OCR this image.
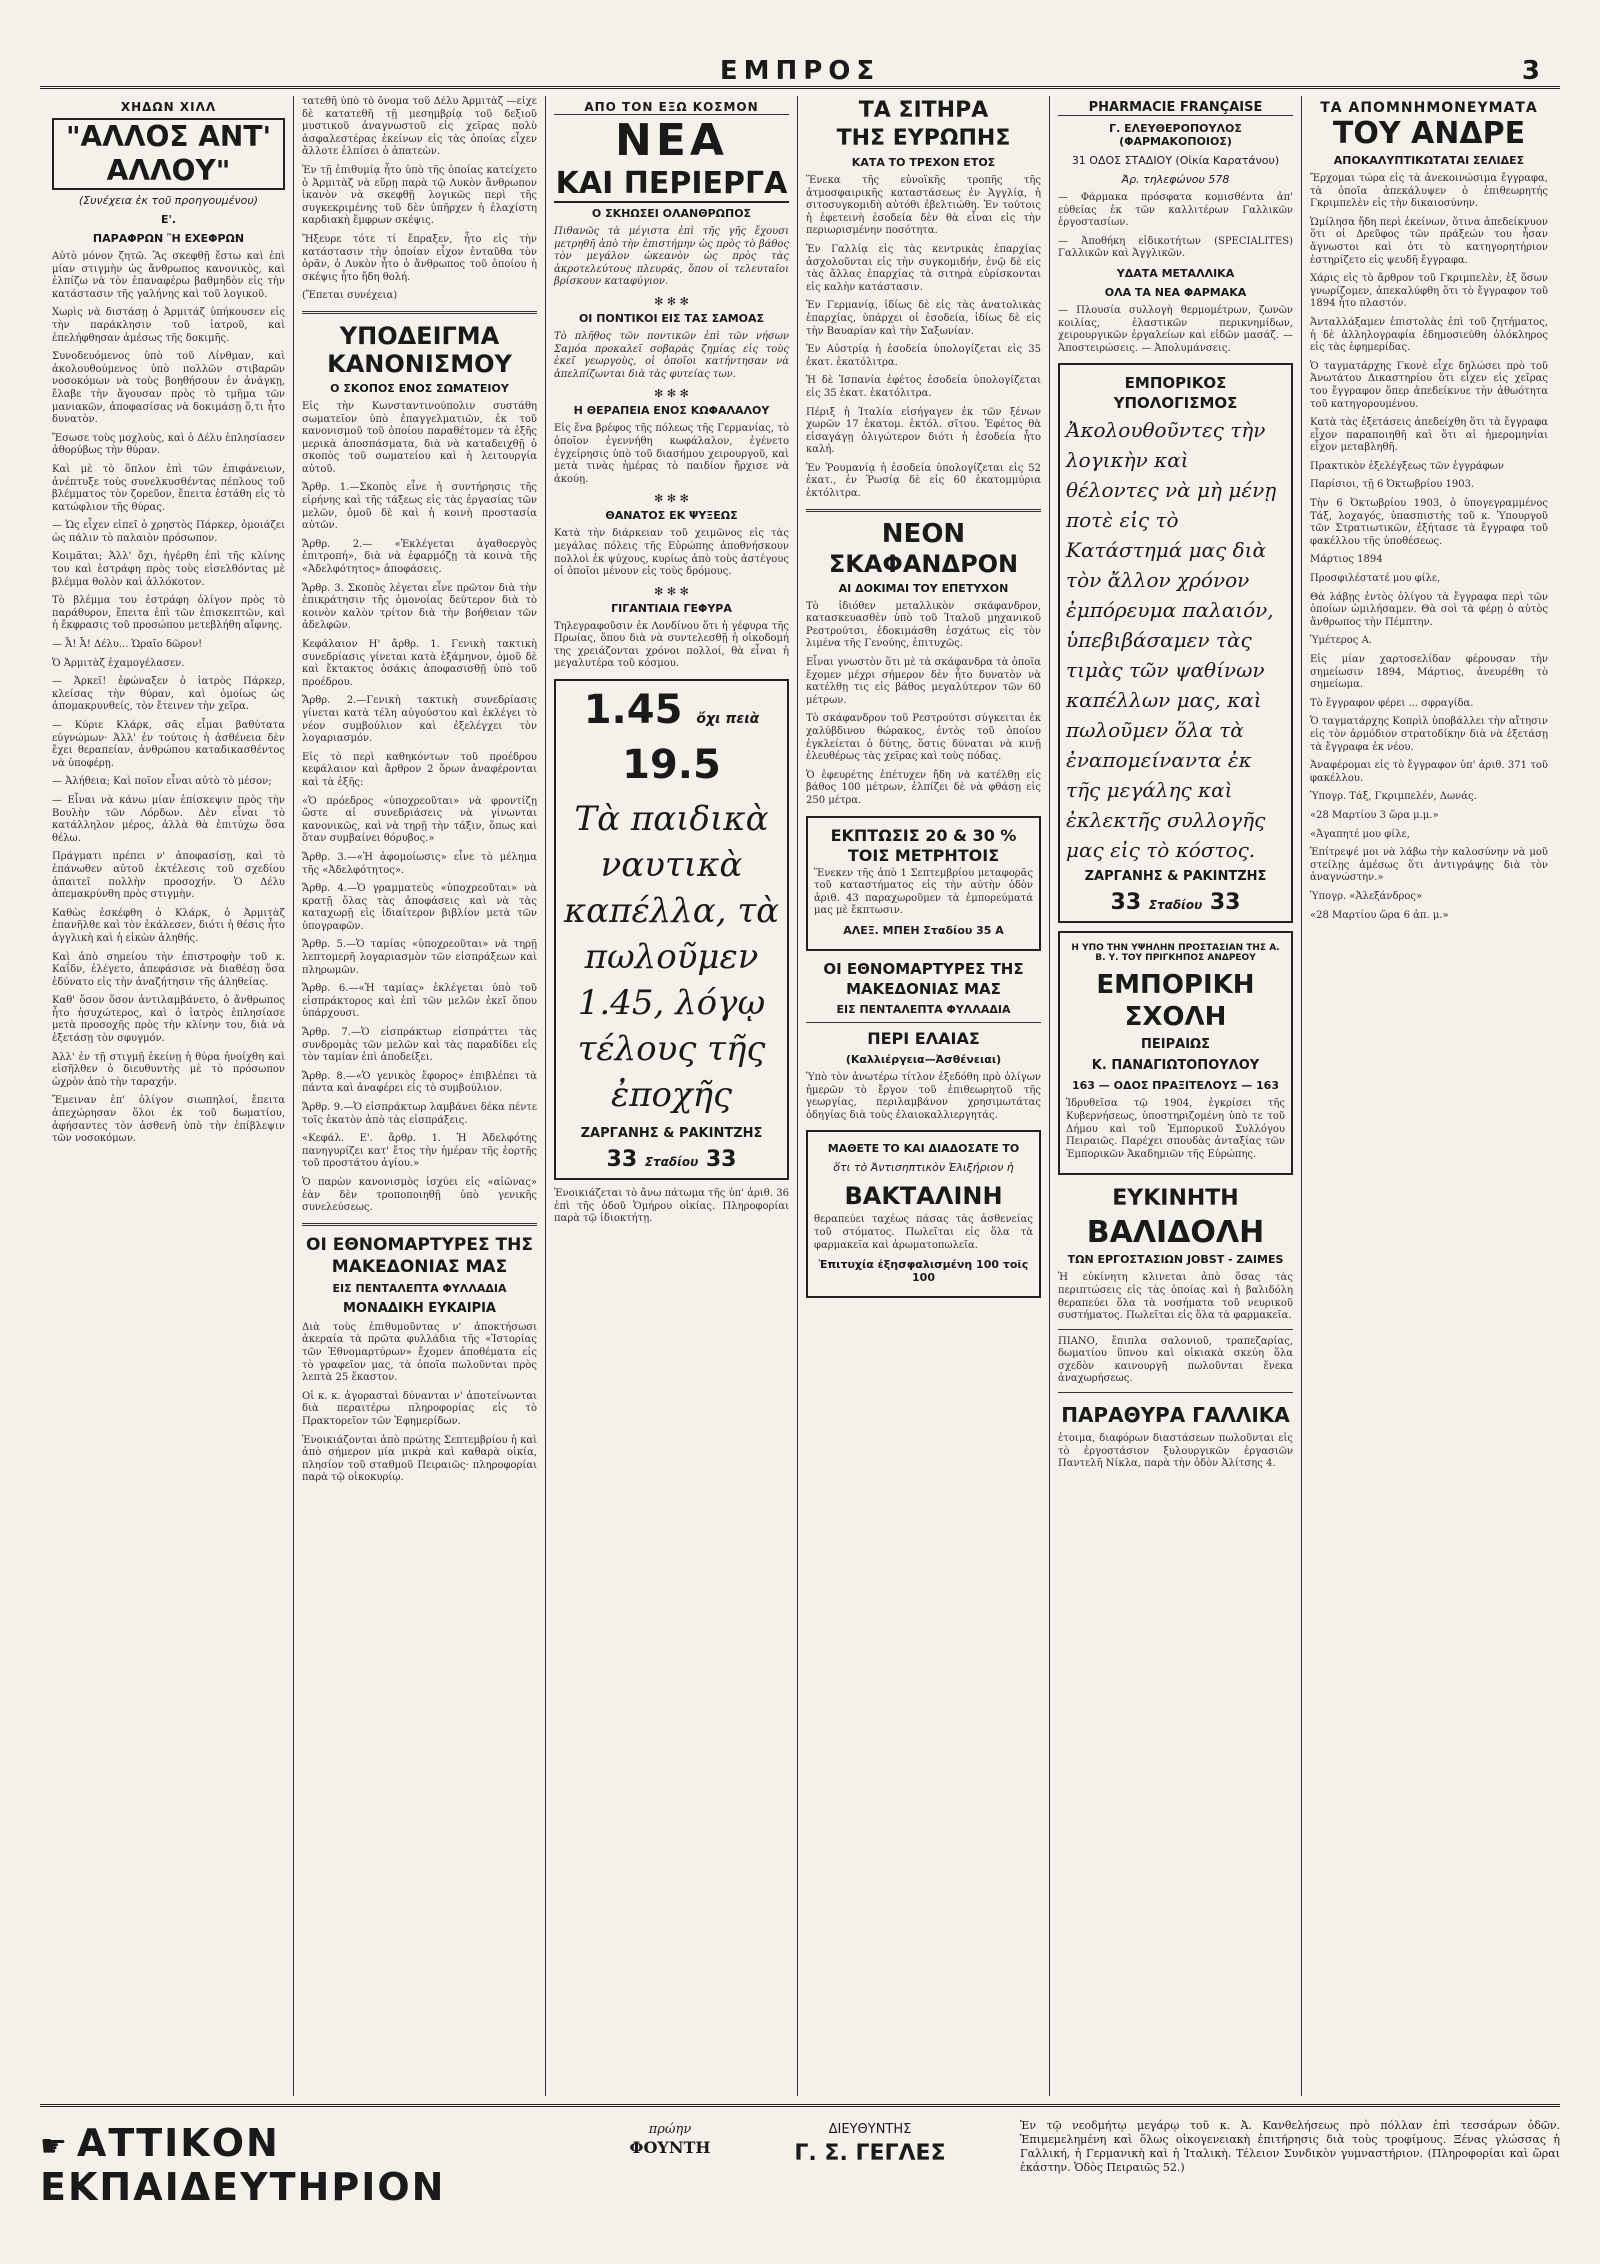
ΕΜΠΡΟΣ	3
ΧΗΔΩΝ ΧΙΛΛ
"ΑΛΛΟΣ ΑΝΤ' ΑΛΛΟΥ"
(Συνέχεια ἐκ τοῦ προηγουμένου)
Ε'.
ΠΑΡΑΦΡΩΝ Ἢ ΕΧΕΦΡΩΝ

Αὐτὸ μόνον ζητῶ. Ἂς σκεφθῇ ἔστω καὶ ἐπὶ μίαν στιγμὴν ὡς ἄνθρωπος κανονικὸς, καὶ ἐλπίζω νὰ τὸν ἐπαναφέρω βαθμηδὸν εἰς τὴν κατάστασιν τῆς γαλήνης καὶ τοῦ λογικοῦ.

Χωρὶς νὰ διστάσῃ ὁ Ἀρμιτάζ ὑπήκουσεν εἰς τὴν παράκλησιν τοῦ ἰατροῦ, καὶ ἐπελήφθησαν ἀμέσως τῆς δοκιμῆς.

Συνοδευόμενος ὑπὸ τοῦ Λίνθμαν, καὶ ἀκολουθούμενος ὑπὸ πολλῶν στιβαρῶν νοσοκόμων νὰ τοὺς βοηθήσουν ἐν ἀνάγκῃ, ἔλαβε τὴν ἄγουσαν πρὸς τὸ τμῆμα τῶν μανιακῶν, ἀποφασίσας νὰ δοκιμάσῃ ὅ,τι ἦτο δυνατὸν.

Ἔσωσε τοὺς μοχλοὺς, καὶ ὁ Δέλυ ἐπλησίασεν ἀθορύβως τὴν θύραν.

Καὶ μὲ τὸ ὅπλον ἐπὶ τῶν ἐπιφάνειων, ἀνέπτυξε τοὺς συνελκυσθέντας πέπλους τοῦ βλέμματος τὸν ζορεῦον, ἔπειτα ἐστάθη εἰς τὸ κατώφλιον τῆς θύρας.

— Ὡς εἶχεν εἰπεῖ ὁ χρηστὸς Πάρκερ, ὁμοιάζει ὡς πάλιν τὸ παλαιὸν πρόσωπον.

Κοιμᾶται; Ἀλλ' ὄχι, ἠγέρθη ἐπὶ τῆς κλίνης του καὶ ἐστράφη πρὸς τοὺς εἰσελθόντας μὲ βλέμμα θολὸν καὶ ἀλλόκοτον.

Τὸ βλέμμα του ἐστράφη ὀλίγον πρὸς τὸ παράθυρον, ἔπειτα ἐπὶ τῶν ἐπισκεπτῶν, καὶ ἡ ἔκφρασις τοῦ προσώπου μετεβλήθη αἴφνης.

— Ἆ! Ἆ! Δέλυ... Ὡραῖο δῶρον!

Ὁ Ἀρμιτὰζ ἐχαμογέλασεν.

— Ἀρκεῖ! ἐφώναξεν ὁ ἰατρὸς Πάρκερ, κλείσας τὴν θύραν, καὶ ὁμοίως ὡς ἀπομακρυνθείς, τὸν ἔτεινεν τὴν χεῖρα.

— Κύριε Κλάρκ, σᾶς εἶμαι βαθύτατα εὐγνώμων· Ἀλλ' ἐν τούτοις ἡ ἀσθένεια δὲν ἔχει θεραπείαν, ἀνθρώπου καταδικασθέντος νὰ ὑποφέρῃ.

— Ἀλήθεια; Καὶ ποῖον εἶναι αὐτὸ τὸ μέσον;

— Εἶναι νὰ κάνω μίαν ἐπίσκεψιν πρὸς τὴν Βουλὴν τῶν Λόρδων. Δὲν εἶναι τὸ κατάλληλον μέρος, ἀλλὰ θὰ ἐπιτύχω ὅσα θέλω.

Πράγματι πρέπει ν' ἀποφασίσῃ, καὶ τὸ ἐπάνωθεν αὐτοῦ ἐκτέλεσις τοῦ σχεδίου ἀπαιτεῖ πολλὴν προσοχήν. Ὁ Δέλυ ἀπεμακρύνθη πρὸς στιγμὴν.

Καθὼς ἐσκέφθη ὁ Κλάρκ, ὁ Ἀρμιτὰζ ἐπανῆλθε καὶ τὸν ἐκάλεσεν, διότι ἡ θέσις ἦτο ἀγγλικὴ καὶ ἡ εἰκὼν ἀληθής.

Καὶ ἀπὸ σημείου τὴν ἐπιστροφὴν τοῦ κ. Καΐδν, ἐλέγετο, ἀπεφάσισε νὰ διαθέσῃ ὅσα ἐδύνατο εἰς τὴν ἀναζήτησιν τῆς ἀληθείας.

Καθ' ὅσον ὅσον ἀντιλαμβάνετο, ὁ ἄνθρωπος ἦτο ἡσυχώτερος, καὶ ὁ ἰατρὸς ἐπλησίασε μετὰ προσοχῆς πρὸς τὴν κλίνην του, διὰ νὰ ἐξετάσῃ τὸν σφυγμόν.

Ἀλλ' ἐν τῇ στιγμῇ ἐκείνῃ ἡ θύρα ἠνοίχθη καὶ εἰσῆλθεν ὁ διευθυντὴς μὲ τὸ πρόσωπον ὠχρὸν ἀπὸ τὴν ταραχήν.

Ἔμειναν ἐπ' ὀλίγον σιωπηλοί, ἔπειτα ἀπεχώρησαν ὅλοι ἐκ τοῦ δωματίου, ἀφήσαντες τὸν ἀσθενῆ ὑπὸ τὴν ἐπίβλεψιν τῶν νοσοκόμων.

τατεθῆ ὑπὸ τὸ ὄνομα τοῦ Δέλυ Ἀρμιτὰζ —εἶχε δὲ κατατεθῆ τῇ μεσημβρίᾳ τοῦ δεξιοῦ μυστικοῦ ἀναγνωστοῦ εἰς χεῖρας πολὺ ἀσφαλεστέρας ἐκείνων εἰς τὰς ὁποίας εἶχεν ἄλλοτε ἐλπίσει ὁ ἀπατεὼν.

Ἐν τῇ ἐπιθυμίᾳ ἦτο ὑπὸ τῆς ὁποίας κατείχετο ὁ Ἀρμιτὰζ νὰ εὕρῃ παρὰ τῷ Λυκὸν ἄνθρωπον ἱκανὸν νὰ σκεφθῇ λογικῶς περὶ τῆς συγκεκριμένης τοῦ δὲν ὑπῆρχεν ἡ ἐλαχίστη καρδιακὴ ἔμφρων σκέψις.

Ἤξευρε τότε τί ἔπραξεν, ἦτο εἰς τὴν κατάστασιν τὴν ὁποίαν εἶχον ἐνταῦθα τὸν ὁρᾶν, ὁ Λυκὸν ἦτο ὁ ἄνθρωπος τοῦ ὁποίου ἡ σκέψις ἦτο ἤδη θολή.

(Ἔπεται συνέχεια)

ΥΠΟΔΕΙΓΜΑ ΚΑΝΟΝΙΣΜΟΥ
Ο ΣΚΟΠΟΣ ΕΝΟΣ ΣΩΜΑΤΕΙΟΥ

Εἰς τὴν Κωνσταντινούπολιν συστάθη σωματεῖον ὑπὸ ἐπαγγελματιῶν, ἐκ τοῦ κανονισμοῦ τοῦ ὁποίου παραθέτομεν τὰ ἑξῆς μερικὰ ἀποσπάσματα, διὰ νὰ καταδειχθῇ ὁ σκοπὸς τοῦ σωματείου καὶ ἡ λειτουργία αὐτοῦ.

Ἄρθρ. 1.—Σκοπὸς εἶνε ἡ συντήρησις τῆς εἰρήνης καὶ τῆς τάξεως εἰς τὰς ἐργασίας τῶν μελῶν, ὁμοῦ δὲ καὶ ἡ κοινὴ προστασία αὐτῶν.

Ἄρθρ. 2.— «Ἐκλέγεται ἀγαθοεργὸς ἐπιτροπή», διὰ νὰ ἐφαρμόζῃ τὰ κοινὰ τῆς «Ἀδελφότητος» ἀποφάσεις.

Ἄρθρ. 3. Σκοπὸς λέγεται εἶνε πρῶτον διὰ τὴν ἐπικράτησιν τῆς ὁμονοίας δεύτερον διὰ τὸ κοινὸν καλὸν τρίτον διὰ τὴν βοήθειαν τῶν ἀδελφῶν.

Κεφάλαιον Η' ἄρθρ. 1. Γενικὴ τακτικὴ συνεδρίασις γίνεται κατὰ ἑξάμηνον, ὁμοῦ δὲ καὶ ἔκτακτος ὁσάκις ἀποφασισθῇ ὑπὸ τοῦ προέδρου.

Ἄρθρ. 2.—Γενικὴ τακτικὴ συνεδρίασις γίνεται κατὰ τέλη αὐγούστου καὶ ἐκλέγει τὸ νέον συμβούλιον καὶ ἐξελέγχει τὸν λογαριασμόν.

Εἰς τὸ περὶ καθηκόντων τοῦ προέδρου κεφάλαιον καὶ ἄρθρον 2 ὅρων ἀναφέρονται καὶ τὰ ἑξῆς:

«Ὁ πρόεδρος «ὑποχρεοῦται» νὰ φροντίζῃ ὥστε αἱ συνεδριάσεις νὰ γίνωνται κανονικῶς, καὶ νὰ τηρῇ τὴν τάξιν, ὅπως καὶ ὅταν συμβαίνει θόρυβος.»

Ἄρθρ. 3.—«Ἡ ἀφομοίωσις» εἶνε τὸ μέλημα τῆς «Ἀδελφότητος».

Ἄρθρ. 4.—Ὁ γραμματεὺς «ὑποχρεοῦται» νὰ κρατῇ ὅλας τὰς ἀποφάσεις καὶ νὰ τὰς καταχωρῇ εἰς ἰδιαίτερον βιβλίον μετὰ τῶν ὑπογραφῶν.

Ἄρθρ. 5.—Ὁ ταμίας «ὑποχρεοῦται» νὰ τηρῇ λεπτομερῆ λογαριασμὸν τῶν εἰσπράξεων καὶ πληρωμῶν.

Ἄρθρ. 6.—«Ἡ ταμίας» ἐκλέγεται ὑπὸ τοῦ εἰσπράκτορος καὶ ἐπὶ τῶν μελῶν ἐκεῖ ὅπου ὑπάρχουσι.

Ἄρθρ. 7.—Ὁ εἰσπράκτωρ εἰσπράττει τὰς συνδρομὰς τῶν μελῶν καὶ τὰς παραδίδει εἰς τὸν ταμίαν ἐπὶ ἀποδείξει.

Ἄρθρ. 8.—«Ὁ γενικὸς ἔφορος» ἐπιβλέπει τὰ πάντα καὶ ἀναφέρει εἰς τὸ συμβούλιον.

Ἄρθρ. 9.—Ὁ εἰσπράκτωρ λαμβάνει δέκα πέντε τοῖς ἑκατὸν ἀπὸ τὰς εἰσπράξεις.

«Κεφάλ. Ε'. ἄρθρ. 1. Ἡ Ἀδελφότης πανηγυρίζει κατ' ἔτος τὴν ἡμέραν τῆς ἑορτῆς τοῦ προστάτου ἁγίου.»

Ὁ παρὼν κανονισμὸς ἰσχύει εἰς «αἰῶνας» ἐὰν δὲν τροποποιηθῇ ὑπὸ γενικῆς συνελεύσεως.

ΟΙ ΕΘΝΟΜΑΡΤΥΡΕΣ ΤΗΣ ΜΑΚΕΔΟΝΙΑΣ ΜΑΣ
ΕΙΣ ΠΕΝΤΑΛΕΠΤΑ ΦΥΛΛΑΔΙΑ
ΜΟΝΑΔΙΚΗ ΕΥΚΑΙΡΙΑ

Διὰ τοὺς ἐπιθυμοῦντας ν' ἀποκτήσωσι ἀκεραία τὰ πρῶτα φυλλάδια τῆς «Ἱστορίας τῶν Ἐθνομαρτύρων» ἔχομεν ἀποθέματα εἰς τὸ γραφεῖον μας, τὰ ὁποῖα πωλοῦνται πρὸς λεπτὰ 25 ἕκαστον.

Οἱ κ. κ. ἀγορασταὶ δύνανται ν' ἀποτείνωνται διὰ περαιτέρω πληροφορίας εἰς τὸ Πρακτορεῖον τῶν Ἐφημερίδων.

Ἐνοικιάζονται ἀπὸ πρώτης Σεπτεμβρίου ἡ καὶ ἀπὸ σήμερον μία μικρὰ καὶ καθαρὰ οἰκία, πλησίον τοῦ σταθμοῦ Πειραιῶς· πληροφορίαι παρὰ τῷ οἰκοκυρίῳ.

ΑΠΟ ΤΟΝ ΕΞΩ ΚΟΣΜΟΝ
ΝΕΑ
ΚΑΙ ΠΕΡΙΕΡΓΑ
Ο ΣΚΗΩΣΕΙ ΟΛΑΝΘΡΩΠΟΣ

Πιθανῶς τὰ μέγιστα ἐπὶ τῆς γῆς ἔχουσι μετρηθῆ ἀπὸ τὴν ἐπιστήμην ὡς πρὸς τὸ βάθος τὸν μεγάλον ὠκεανὸν ὡς πρὸς τὰς ἀκροτελεύτους πλευράς, ὅπου οἱ τελευταῖοι βρίσκουν καταφύγιον.

✻ ✻ ✻
ΟΙ ΠΟΝΤΙΚΟΙ ΕΙΣ ΤΑΣ ΣΑΜΟΑΣ

Τὸ πλῆθος τῶν ποντικῶν ἐπὶ τῶν νήσων Σαμόα προκαλεῖ σοβαρὰς ζημίας εἰς τοὺς ἐκεῖ γεωργοὺς, οἱ ὁποῖοι κατήντησαν νὰ ἀπελπίζωνται διὰ τὰς φυτείας των.

✻ ✻ ✻
Η ΘΕΡΑΠΕΙΑ ΕΝΟΣ ΚΩΦΑΛΑΛΟΥ

Εἰς ἕνα βρέφος τῆς πόλεως τῆς Γερμανίας, τὸ ὁποῖον ἐγεννήθη κωφάλαλον, ἐγένετο ἐγχείρησις ὑπὸ τοῦ διασήμου χειρουργοῦ, καὶ μετὰ τινὰς ἡμέρας τὸ παιδίον ἤρχισε νὰ ἀκούῃ.

✻ ✻ ✻
ΘΑΝΑΤΟΣ ΕΚ ΨΥΞΕΩΣ

Κατὰ τὴν διάρκειαν τοῦ χειμῶνος εἰς τὰς μεγάλας πόλεις τῆς Εὐρώπης ἀποθνήσκουν πολλοὶ ἐκ ψύχους, κυρίως ἀπὸ τοὺς ἀστέγους οἱ ὁποῖοι μένουν εἰς τοὺς δρόμους.

✻ ✻ ✻
ΓΙΓΑΝΤΙΑΙΑ ΓΕΦΥΡΑ

Τηλεγραφοῦσιν ἐκ Λονδίνου ὅτι ἡ γέφυρα τῆς Πρωίας, ὅπου διὰ νὰ συντελεσθῇ ἡ οἰκοδομή της χρειάζονται χρόνοι πολλοί, θὰ εἶναι ἡ μεγαλυτέρα τοῦ κόσμου.

1.45 ὄχι πειὰ 19.5
Τὰ παιδικὰ ναυτικὰ καπέλλα, τὰ πωλοῦμεν 1.45, λόγῳ τέλους τῆς ἐποχῆς
ΖΑΡΓΑΝΗΣ & ΡΑΚΙΝΤΖΗΣ
33 Σταδίου 33

Ἐνοικιάζεται τὸ ἄνω πάτωμα τῆς ὑπ' ἀριθ. 36 ἐπὶ τῆς ὁδοῦ Ὁμήρου οἰκίας. Πληροφορίαι παρὰ τῷ ἰδιοκτήτῃ.

ΤΑ ΣΙΤΗΡΑ
ΤΗΣ ΕΥΡΩΠΗΣ
ΚΑΤΑ ΤΟ ΤΡΕΧΟΝ ΕΤΟΣ

Ἕνεκα τῆς εὐνοϊκῆς τροπῆς τῆς ἀτμοσφαιρικῆς καταστάσεως ἐν Ἀγγλίᾳ, ἡ σιτοσυγκομιδὴ αὐτόθι ἐβελτιώθη. Ἐν τούτοις ἡ ἐφετεινὴ ἐσοδεία δὲν θὰ εἶναι εἰς τὴν περιωρισμένην ποσότητα.

Ἐν Γαλλίᾳ εἰς τὰς κεντρικὰς ἐπαρχίας ἀσχολοῦνται εἰς τὴν συγκομιδήν, ἐνῷ δὲ εἰς τὰς ἄλλας ἐπαρχίας τὰ σιτηρὰ εὑρίσκονται εἰς καλὴν κατάστασιν.

Ἐν Γερμανίᾳ, ἰδίως δὲ εἰς τὰς ἀνατολικὰς ἐπαρχίας, ὑπάρχει οἱ ἐσοδεία, ἰδίως δὲ εἰς τὴν Βαυαρίαν καὶ τὴν Σαξωνίαν.

Ἐν Αὐστρίᾳ ἡ ἐσοδεία ὑπολογίζεται εἰς 35 ἑκατ. ἑκατόλιτρα.

Ἡ δὲ Ἰσπανία ἐφέτος ἐσοδεία ὑπολογίζεται εἰς 35 ἑκατ. ἑκατόλιτρα.

Πέριξ ἡ Ἰταλία εἰσήγαγεν ἐκ τῶν ξένων χωρῶν 17 ἑκατομ. ἑκτόλ. σῖτου. Ἐφέτος θὰ εἰσαγάγῃ ὀλιγώτερον διότι ἡ ἐσοδεία ἦτο καλή.

Ἐν Ῥουμανίᾳ ἡ ἐσοδεία ὑπολογίζεται εἰς 52 ἑκατ., ἐν Ῥωσίᾳ δὲ εἰς 60 ἑκατομμύρια ἑκτόλιτρα.

ΝΕΟΝ
ΣΚΑΦΑΝΔΡΟΝ
ΑΙ ΔΟΚΙΜΑΙ ΤΟΥ ΕΠΕΤΥΧΟΝ

Τὸ ἰδιόθεν μεταλλικὸν σκάφανδρον, κατασκευασθὲν ὑπὸ τοῦ Ἰταλοῦ μηχανικοῦ Ρεστρούτσι, ἐδοκιμάσθη ἐσχάτως εἰς τὸν λιμένα τῆς Γενούης, ἐπιτυχῶς.

Εἶναι γνωστὸν ὅτι μὲ τὰ σκάφανδρα τὰ ὁποῖα ἔχομεν μέχρι σήμερον δὲν ἦτο δυνατὸν νὰ κατέλθῃ τις εἰς βάθος μεγαλύτερον τῶν 60 μέτρων.

Τὸ σκάφανδρον τοῦ Ρεστρούτσι σύγκειται ἐκ χαλύβδινου θώρακος, ἐντὸς τοῦ ὁποίου ἐγκλείεται ὁ δύτης, ὅστις δύναται νὰ κινῇ ἐλευθέρως τὰς χεῖρας καὶ τοὺς πόδας.

Ὁ ἐφευρέτης ἐπέτυχεν ἤδη νὰ κατέλθῃ εἰς βάθος 100 μέτρων, ἐλπίζει δὲ νὰ φθάσῃ εἰς 250 μέτρα.

ΕΚΠΤΩΣΙΣ 20 & 30 % ΤΟΙΣ ΜΕΤΡΗΤΟΙΣ

Ἕνεκεν τῆς ἀπὸ 1 Σεπτεμβρίου μεταφορᾶς τοῦ καταστήματος εἰς τὴν αὐτὴν ὁδὸν ἀριθ. 43 παραχωροῦμεν τὰ ἐμπορεύματά μας μὲ ἔκπτωσιν.

ΑΛΕΞ. ΜΠΕΗ Σταδίου 35 Α
ΟΙ ΕΘΝΟΜΑΡΤΥΡΕΣ ΤΗΣ ΜΑΚΕΔΟΝΙΑΣ ΜΑΣ
ΕΙΣ ΠΕΝΤΑΛΕΠΤΑ ΦΥΛΛΑΔΙΑ
ΠΕΡΙ ΕΛΑΙΑΣ
(Καλλιέργεια—Ἀσθένειαι)

Ὑπὸ τὸν ἀνωτέρω τίτλον ἐξεδόθη πρὸ ὀλίγων ἡμερῶν τὸ ἔργον τοῦ ἐπιθεωρητοῦ τῆς γεωργίας, περιλαμβάνον χρησιμωτάτας ὁδηγίας διὰ τοὺς ἐλαιοκαλλιεργητάς.

ΜΑΘΕΤΕ ΤΟ ΚΑΙ ΔΙΑΔΟΣΑΤΕ ΤΟ
ὅτι τὸ Ἀντισηπτικὸν Ἐλιξήριον ἡ
ΒΑΚΤΑΛΙΝΗ

θεραπεύει ταχέως πάσας τὰς ἀσθενείας τοῦ στόματος. Πωλεῖται εἰς ὅλα τὰ φαρμακεῖα καὶ ἀρωματοπωλεῖα.

Ἐπιτυχία ἐξησφαλισμένη 100 τοῖς 100
PHARMACIE FRANÇAISE
Γ. ΕΛΕΥΘΕΡΟΠΟΥΛΟΣ (ΦΑΡΜΑΚΟΠΟΙΟΣ)
31 ΟΔΟΣ ΣΤΑΔΙΟΥ (Οἰκία Καρατάνου)
Ἀρ. τηλεφώνου 578

— Φάρμακα πρόσφατα κομισθέντα ἀπ' εὐθείας ἐκ τῶν καλλιτέρων Γαλλικῶν ἐργοστασίων.

— Ἀποθήκη εἰδικοτήτων (SPECIALITES) Γαλλικῶν καὶ Ἀγγλικῶν.

ΥΔΑΤΑ ΜΕΤΑΛΛΙΚΑ
ΟΛΑ ΤΑ ΝΕΑ ΦΑΡΜΑΚΑ

— Πλουσία συλλογὴ θερμομέτρων, ζωνῶν κοιλίας, ἐλαστικῶν περικνημίδων, χειρουργικῶν ἐργαλείων καὶ εἰδῶν μασάζ. — Ἀποστειρώσεις. — Ἀπολυμάνσεις.

ΕΜΠΟΡΙΚΟΣ ΥΠΟΛΟΓΙΣΜΟΣ
Ἀκολουθοῦντες τὴν λογικὴν καὶ θέλοντες νὰ μὴ μένῃ ποτὲ εἰς τὸ Κατάστημά μας διὰ τὸν ἄλλον χρόνον ἐμπόρευμα παλαιόν, ὑπεβιβάσαμεν τὰς τιμὰς τῶν ψαθίνων καπέλλων μας, καὶ πωλοῦμεν ὅλα τὰ ἐναπομείναντα ἐκ τῆς μεγάλης καὶ ἐκλεκτῆς συλλογῆς μας εἰς τὸ κόστος.
ΖΑΡΓΑΝΗΣ & ΡΑΚΙΝΤΖΗΣ
33 Σταδίου 33
Η ΥΠΟ ΤΗΝ ΥΨΗΛΗΝ ΠΡΟΣΤΑΣΙΑΝ ΤΗΣ Α. Β. Υ. ΤΟΥ ΠΡΙΓΚΗΠΟΣ ΑΝΔΡΕΟΥ
ΕΜΠΟΡΙΚΗ ΣΧΟΛΗ
ΠΕΙΡΑΙΩΣ
Κ. ΠΑΝΑΓΙΩΤΟΠΟΥΛΟΥ
163 — ΟΔΟΣ ΠΡΑΞΙΤΕΛΟΥΣ — 163

Ἱδρυθεῖσα τῷ 1904, ἐγκρίσει τῆς Κυβερνήσεως, ὑποστηριζομένη ὑπὸ τε τοῦ Δήμου καὶ τοῦ Ἐμπορικοῦ Συλλόγου Πειραιῶς. Παρέχει σπουδὰς ἀνταξίας τῶν Ἐμπορικῶν Ἀκαδημιῶν τῆς Εὐρώπης.

ΕΥΚΙΝΗΤΗ
ΒΑΛΙΔΟΛΗ
ΤΩΝ ΕΡΓΟΣΤΑΣΙΩΝ JOBST - ZAIMES

Ἡ εὐκίνητη κλινεται ἀπὸ ὅσας τὰς περιπτώσεις εἰς τὰς ὁποίας καὶ ἡ βαλιδόλη θεραπεύει ὅλα τὰ νοσήματα τοῦ νευρικοῦ συστήματος. Πωλεῖται εἰς ὅλα τὰ φαρμακεῖα.

ΠΙΑΝΟ, ἔπιπλα σαλονιοῦ, τραπεζαρίας, δωματίου ὕπνου καὶ οἰκιακὰ σκεύη ὅλα σχεδὸν καινουργῆ πωλοῦνται ἕνεκα ἀναχωρήσεως.

ΠΑΡΑΘΥΡΑ ΓΑΛΛΙΚΑ

ἑτοιμα, διαφόρων διαστάσεων πωλοῦνται εἰς τὸ ἐργοστάσιον ξυλουργικῶν ἐργασιῶν Παντελῆ Νίκλα, παρὰ τὴν ὁδὸν Ἀλίτσης 4.

ΤΑ ΑΠΟΜΝΗΜΟΝΕΥΜΑΤΑ
ΤΟΥ ΑΝΔΡΕ
ΑΠΟΚΑΛΥΠΤΙΚΩΤΑΤΑΙ ΣΕΛΙΔΕΣ

Ἔρχομαι τώρα εἰς τὰ ἀνεκοινώσιμα ἔγγραφα, τὰ ὁποῖα ἀπεκάλυψεν ὁ ἐπιθεωρητής Γκριμπελὲν εἰς τὴν δικαιοσύνην.

Ὡμίλησα ἤδη περὶ ἐκείνων, ὅτινα ἀπεδείκνυον ὅτι οἱ Δρεῦφος τῶν πράξεών του ἦσαν ἄγνωστοι καὶ ὁτι τὸ κατηγορητήριον ἐστηρίζετο εἰς ψευδῆ ἔγγραφα.

Χάρις εἰς τὸ ἄρθρον τοῦ Γκριμπελὲν, ἐξ ὅσων γνωρίζομεν, ἀπεκαλύφθη ὅτι τὸ ἔγγραφον τοῦ 1894 ἦτο πλαστόν.

Ἀνταλλάξαμεν ἐπιστολὰς ἐπὶ τοῦ ζητήματος, ἡ δὲ ἀλληλογραφία ἐδημοσιεύθη ὁλόκληρος εἰς τὰς ἐφημερίδας.

Ὁ ταγματάρχης Γκονὲ εἶχε δηλώσει πρὸ τοῦ Ἀνωτάτου Δικαστηρίου ὅτι εἶχεν εἰς χεῖρας του ἔγγραφον ὅπερ ἀπεδείκνυε τὴν ἀθωότητα τοῦ κατηγορουμένου.

Κατὰ τὰς ἐξετάσεις ἀπεδείχθη ὅτι τὰ ἔγγραφα εἶχον παραποιηθῆ καὶ ὅτι αἱ ἡμερομηνίαι εἶχον μεταβληθῆ.

Πρακτικὸν ἐξελέγξεως τῶν ἐγγράφων

Παρίσιοι, τῇ 6 Ὀκτωβρίου 1903.

Τὴν 6 Ὀκτωβρίου 1903, ὁ ὑπογεγραμμένος Τάξ, λοχαγός, ὑπασπιστὴς τοῦ κ. Ὑπουργοῦ τῶν Στρατιωτικῶν, ἐξήτασε τὰ ἔγγραφα τοῦ φακέλλου τῆς ὑποθέσεως.

Μάρτιος 1894

Προσφιλέστατέ μου φίλε,

Θὰ λάβῃς ἐντὸς ὀλίγου τὰ ἔγγραφα περὶ τῶν ὁποίων ὡμιλήσαμεν. Θὰ σοὶ τὰ φέρῃ ὁ αὐτὸς ἄνθρωπος τὴν Πέμπτην.

Ὑμέτερος Α.

Εἰς μίαν χαρτοσελίδαν φέρουσαν τὴν σημείωσιν 1894, Μάρτιος, ἀνευρέθη τὸ σημείωμα.

Τὸ ἔγγραφον φέρει ... σφραγίδα.

Ὁ ταγματάρχης Κοπρὶλ ὑποβάλλει τὴν αἴτησιν εἰς τὸν ἀρμόδιον στρατοδίκην διὰ νὰ ἐξετάσῃ τὰ ἔγγραφα ἐκ νέου.

Ἀναφέρομαι εἰς τὸ ἔγγραφον ὑπ' ἀριθ. 371 τοῦ φακέλλου.

Ὑπογρ. Τάξ, Γκριμπελέν, Δωνάς.

«28 Μαρτίου 3 ὥρα μ.μ.»

«Ἀγαπητέ μου φίλε,

Ἐπίτρεψέ μοι νὰ λάβω τὴν καλοσύνην νὰ μοῦ στείλῃς ἀμέσως ὅτι ἀντιγράψῃς διὰ τὸν ἀναγνώστην.»

Ὑπογρ. «Ἀλεξάνδρος»

«28 Μαρτίου ὥρα 6 ἀπ. μ.»

☛ ΑΤΤΙΚΟΝ ΕΚΠΑΙΔΕΥΤΗΡΙΟΝ
πρώην
ΦΟΥΝΤΗ
ΔΙΕΥΘΥΝΤΗΣ
Γ. Σ. ΓΕΓΛΕΣ
Ἐν τῷ νεοδμήτῳ μεγάρῳ τοῦ κ. Ἀ. Κανθελήσεως πρὸ πόλλαν ἐπὶ τεσσάρων ὁδῶν. Ἐπιμεμελημένη καὶ ὅλως οἰκογενειακὴ ἐπιτήρησις διὰ τοὺς τροφίμους. Ξένας γλώσσας ἡ Γαλλική, ἡ Γερμανικὴ καὶ ἡ Ἰταλικὴ. Τέλειον Συνδικὸν γυμναστήριον. (Πληροφορίαι καὶ ὥραι ἑκάστην. Ὁδὸς Πειραιῶς 52.)
